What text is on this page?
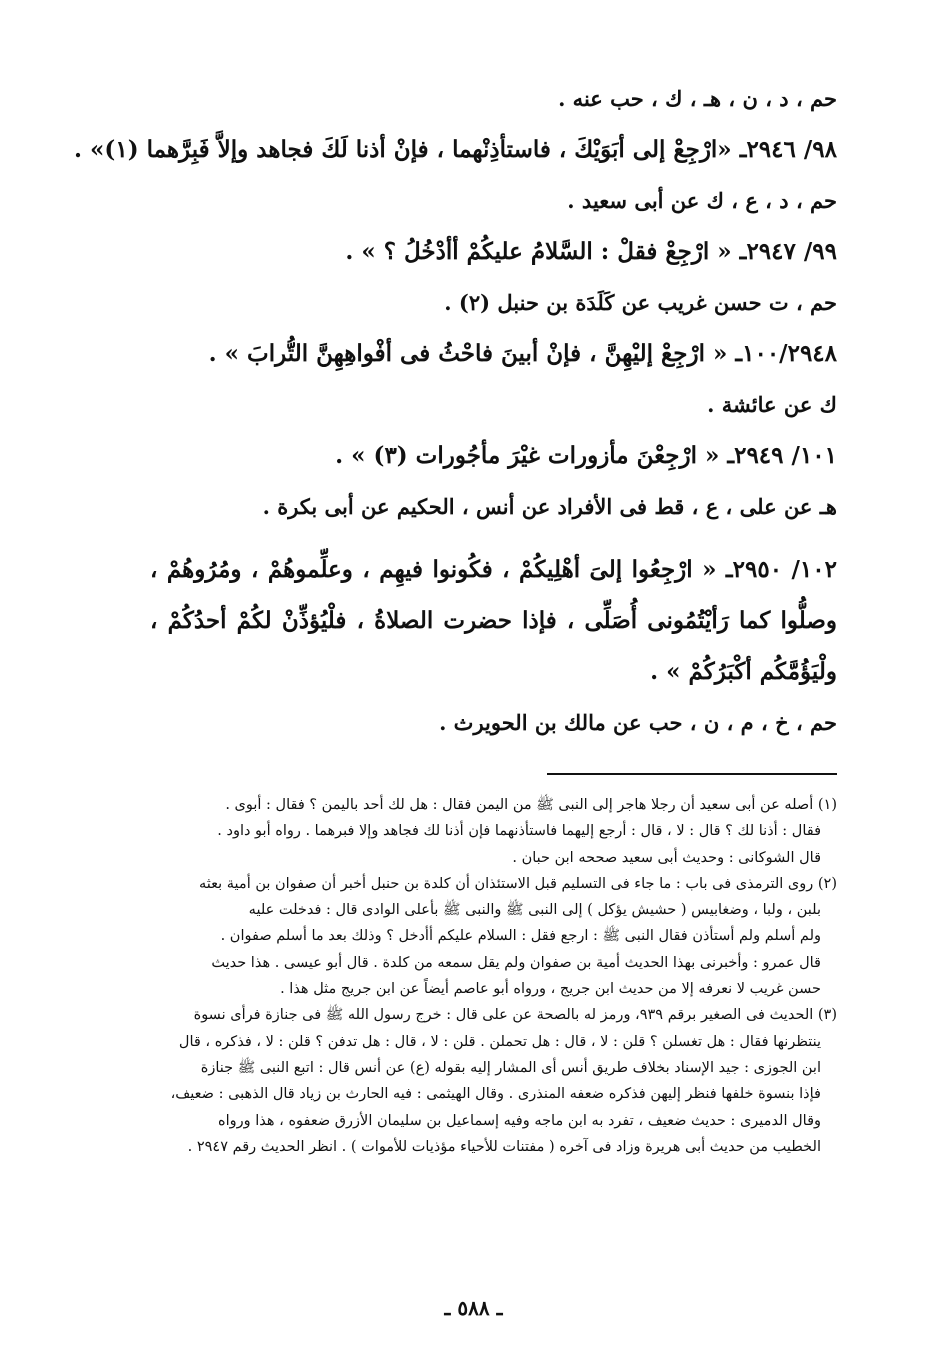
حم ، د ، ن ، هـ ، ك ، حب عنه .
٩٨/ ٢٩٤٦ـ «ارْجِعْ إلى أبَوَيْكَ ، فاستأذِنْهما ، فإنْ أذنا لَكَ فجاهد وإلاَّ فَبِرَّهما (١)» .
حم ، د ، ع ، ك عن أبى سعيد .
٩٩/ ٢٩٤٧ـ « ارْجِعْ فقلْ : السَّلامُ عليكُمْ أأدْخُلُ ؟ » .
حم ، ت حسن غريب عن كَلَدَة بن حنبل (٢) .
١٠٠/٢٩٤٨ـ « ارْجِعْ إليْهِنَّ ، فإنْ أبينَ فاحْثُ فى أفْواهِهِنَّ التُّرابَ » .
ك عن عائشة .
١٠١/ ٢٩٤٩ـ « ارْجِعْنَ مأزورات غيْرَ مأجُورات (٣) » .
هـ عن على ، ع ، قط فى الأفراد عن أنس ، الحكيم عن أبى بكرة .
١٠٢/ ٢٩٥٠ـ « ارْجِعُوا إلىَ أهْلِيكُمْ ، فكُونوا فيهِم ، وعلِّموهُمْ ، ومُرُوهُمْ ، وصلُّوا كما رَأيْتُمُونى أُصَلِّى ، فإذا حضرت الصلاةُ ، فلْيُؤذِّنْ لكُمْ أحدُكُمْ ، ولْيَؤُمَّكُم أكْبَرُكُمْ » .
حم ، خ ، م ، ن ، حب عن مالك بن الحويرث .
(١) أصله عن أبى سعيد أن رجلا هاجر إلى النبى ﷺ من اليمن فقال : هل لك أحد باليمن ؟ فقال : أبوى .
فقال : أذنا لك ؟ قال : لا ، قال : أرجع إليهما فاستأذنهما فإن أذنا لك فجاهد وإلا فبرهما . رواه أبو داود .
قال الشوكانى : وحديث أبى سعيد صححه ابن حبان .
(٢) روى الترمذى فى باب : ما جاء فى التسليم قبل الاستئذان أن كلدة بن حنبل أخبر أن صفوان بن أمية بعثه
بلبن ، ولبا ، وضغابيس ( حشيش يؤكل ) إلى النبى ﷺ والنبى ﷺ بأعلى الوادى قال : فدخلت عليه
ولم أسلم ولم أستأذن فقال النبى ﷺ : ارجع فقل : السلام عليكم أأدخل ؟ وذلك بعد ما أسلم صفوان .
قال عمرو : وأخبرنى بهذا الحديث أمية بن صفوان ولم يقل سمعه من كلدة . قال أبو عيسى . هذا حديث
حسن غريب لا نعرفه إلا من حديث ابن جريج ، ورواه أبو عاصم أيضاً عن ابن جريج مثل هذا .
(٣) الحديث فى الصغير برقم ٩٣٩، ورمز له بالصحة عن على قال : خرج رسول الله ﷺ فى جنازة فرأى نسوة
ينتظرنها فقال : هل تغسلن ؟ قلن : لا ، قال : هل تحملن . قلن : لا ، قال : هل تدفن ؟ قلن : لا ، فذكره ، قال
ابن الجوزى : جيد الإسناد بخلاف طريق أنس أى المشار إليه بقوله (ع) عن أنس قال : اتبع النبى ﷺ جنازة
فإذا بنسوة خلفها فنظر إليهن فذكره ضعفه المنذرى . وقال الهيثمى : فيه الحارث بن زياد قال الذهبى : ضعيف،
وقال الدميرى : حديث ضعيف ، تفرد به ابن ماجه وفيه إسماعيل بن سليمان الأزرق ضعفوه ، هذا ورواه
الخطيب من حديث أبى هريرة وزاد فى آخره ( مفتنات للأحياء مؤذيات للأموات ) . انظر الحديث رقم ٢٩٤٧ .
ـ ٥٨٨ ـ
